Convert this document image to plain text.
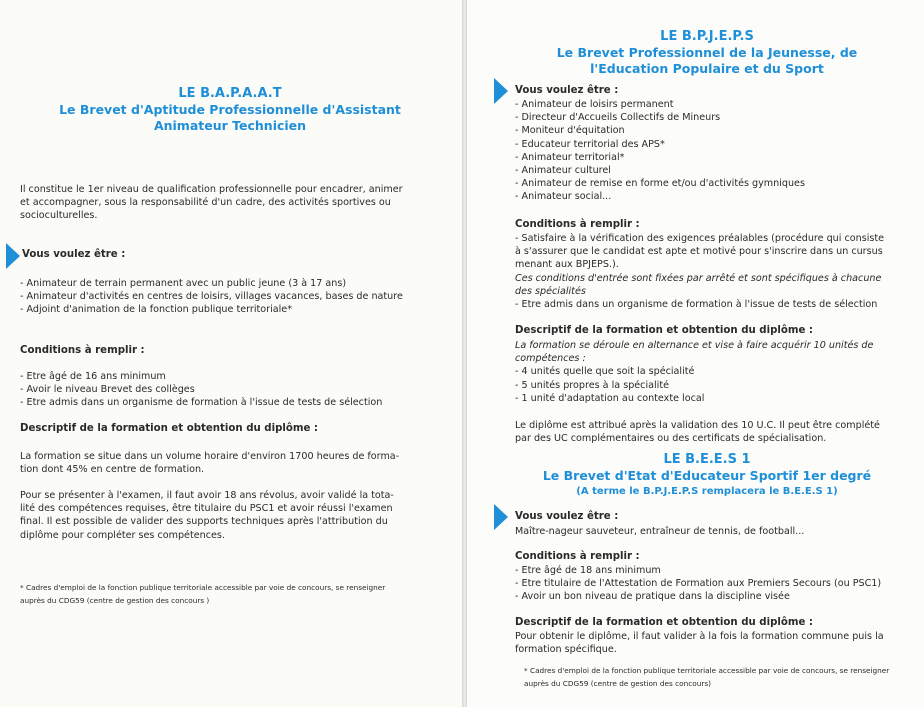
LE B.A.P.A.A.T
Le Brevet d'Aptitude Professionnelle d'Assistant
Animateur Technicien
Il constitue le 1er niveau de qualification professionnelle pour encadrer, animer
et accompagner, sous la responsabilité d'un cadre, des activités sportives ou
socioculturelles.
Vous voulez être :
- Animateur de terrain permanent avec un public jeune (3 à 17 ans)
- Animateur d'activités en centres de loisirs, villages vacances, bases de nature
- Adjoint d'animation de la fonction publique territoriale*
Conditions à remplir :
- Etre âgé de 16 ans minimum
- Avoir le niveau Brevet des collèges
- Etre admis dans un organisme de formation à l'issue de tests de sélection
Descriptif de la formation et obtention du diplôme :
La formation se situe dans un volume horaire d'environ 1700 heures de forma-
tion dont 45% en centre de formation.
Pour se présenter à l'examen, il faut avoir 18 ans révolus, avoir validé la tota-
lité des compétences requises, être titulaire du PSC1 et avoir réussi l'examen
final. Il est possible de valider des supports techniques après l'attribution du
diplôme pour compléter ses compétences.
* Cadres d'emploi de la fonction publique territoriale accessible par voie de concours, se renseigner
auprès du CDG59 (centre de gestion des concours )
LE B.P.J.E.P.S
Le Brevet Professionnel de la Jeunesse, de
l'Education Populaire et du Sport
Vous voulez être :
- Animateur de loisirs permanent
- Directeur d'Accueils Collectifs de Mineurs
- Moniteur d'équitation
- Educateur territorial des APS*
- Animateur territorial*
- Animateur culturel
- Animateur de remise en forme et/ou d'activités gymniques
- Animateur social...
Conditions à remplir :
- Satisfaire à la vérification des exigences préalables (procédure qui consiste
à s'assurer que le candidat est apte et motivé pour s'inscrire dans un cursus
menant aux BPJEPS.).
Ces conditions d'entrée sont fixées par arrêté et sont spécifiques à chacune
des spécialités
- Etre admis dans un organisme de formation à l'issue de tests de sélection
Descriptif de la formation et obtention du diplôme :
La formation se déroule en alternance et vise à faire acquérir 10 unités de
compétences :
- 4 unités quelle que soit la spécialité
- 5 unités propres à la spécialité
- 1 unité d'adaptation au contexte local
Le diplôme est attribué après la validation des 10 U.C. Il peut être complété
par des UC complémentaires ou des certificats de spécialisation.
LE B.E.E.S 1
Le Brevet d'Etat d'Educateur Sportif 1er degré
(A terme le B.P.J.E.P.S remplacera le B.E.E.S 1)
Vous voulez être :
Maître-nageur sauveteur, entraîneur de tennis, de football...
Conditions à remplir :
- Etre âgé de 18 ans minimum
- Etre titulaire de l'Attestation de Formation aux Premiers Secours (ou PSC1)
- Avoir un bon niveau de pratique dans la discipline visée
Descriptif de la formation et obtention du diplôme :
Pour obtenir le diplôme, il faut valider à la fois la formation commune puis la
formation spécifique.
* Cadres d'emploi de la fonction publique territoriale accessible par voie de concours, se renseigner
auprès du CDG59 (centre de gestion des concours)
